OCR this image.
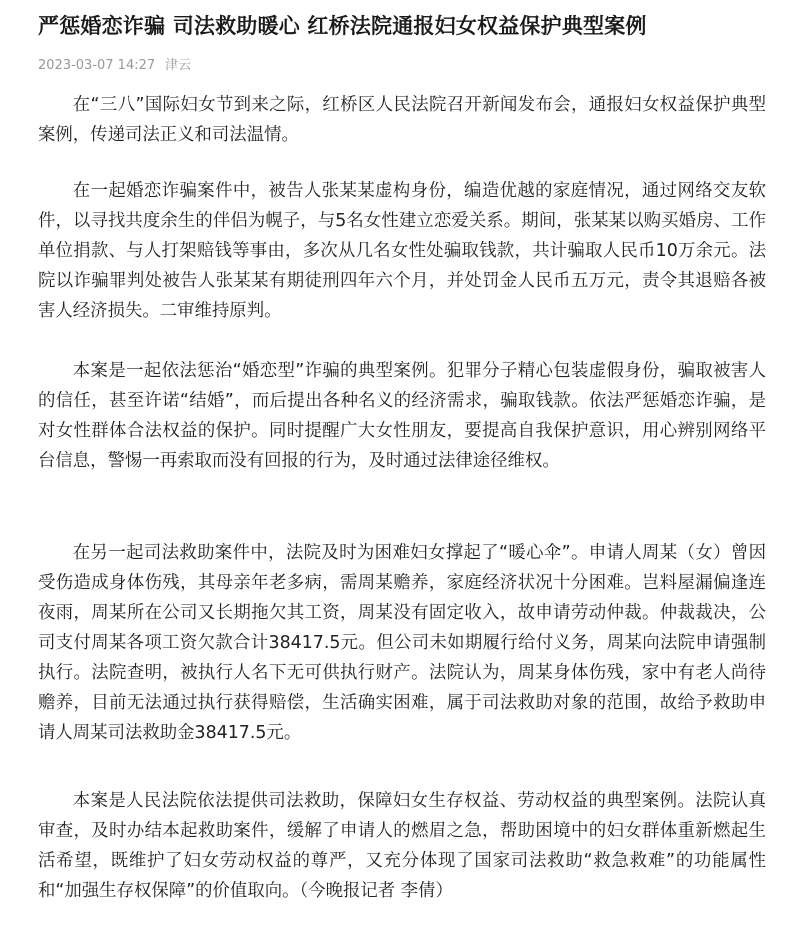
严惩婚恋诈骗 司法救助暖心 红桥法院通报妇女权益保护典型案例
2023-03-07 14:27 津云

在“三八”国际妇女节到来之际，红桥区人民法院召开新闻发布会，通报妇女权益保护典型案例，传递司法正义和司法温情。

在一起婚恋诈骗案件中，被告人张某某虚构身份，编造优越的家庭情况，通过网络交友软件，以寻找共度余生的伴侣为幌子，与5名女性建立恋爱关系。期间，张某某以购买婚房、工作单位捐款、与人打架赔钱等事由，多次从几名女性处骗取钱款，共计骗取人民币10万余元。法院以诈骗罪判处被告人张某某有期徒刑四年六个月，并处罚金人民币五万元，责令其退赔各被害人经济损失。二审维持原判。

本案是一起依法惩治“婚恋型”诈骗的典型案例。犯罪分子精心包装虚假身份，骗取被害人的信任，甚至许诺“结婚”，而后提出各种名义的经济需求，骗取钱款。依法严惩婚恋诈骗，是对女性群体合法权益的保护。同时提醒广大女性朋友，要提高自我保护意识，用心辨别网络平台信息，警惕一再索取而没有回报的行为，及时通过法律途径维权。

在另一起司法救助案件中，法院及时为困难妇女撑起了“暖心伞”。申请人周某（女）曾因受伤造成身体伤残，其母亲年老多病，需周某赡养，家庭经济状况十分困难。岂料屋漏偏逢连夜雨，周某所在公司又长期拖欠其工资，周某没有固定收入，故申请劳动仲裁。仲裁裁决，公司支付周某各项工资欠款合计38417.5元。但公司未如期履行给付义务，周某向法院申请强制执行。法院查明，被执行人名下无可供执行财产。法院认为，周某身体伤残，家中有老人尚待赡养，目前无法通过执行获得赔偿，生活确实困难，属于司法救助对象的范围，故给予救助申请人周某司法救助金38417.5元。

本案是人民法院依法提供司法救助，保障妇女生存权益、劳动权益的典型案例。法院认真审查，及时办结本起救助案件，缓解了申请人的燃眉之急，帮助困境中的妇女群体重新燃起生活希望，既维护了妇女劳动权益的尊严，又充分体现了国家司法救助“救急救难”的功能属性和“加强生存权保障”的价值取向。（今晚报记者 李倩）
